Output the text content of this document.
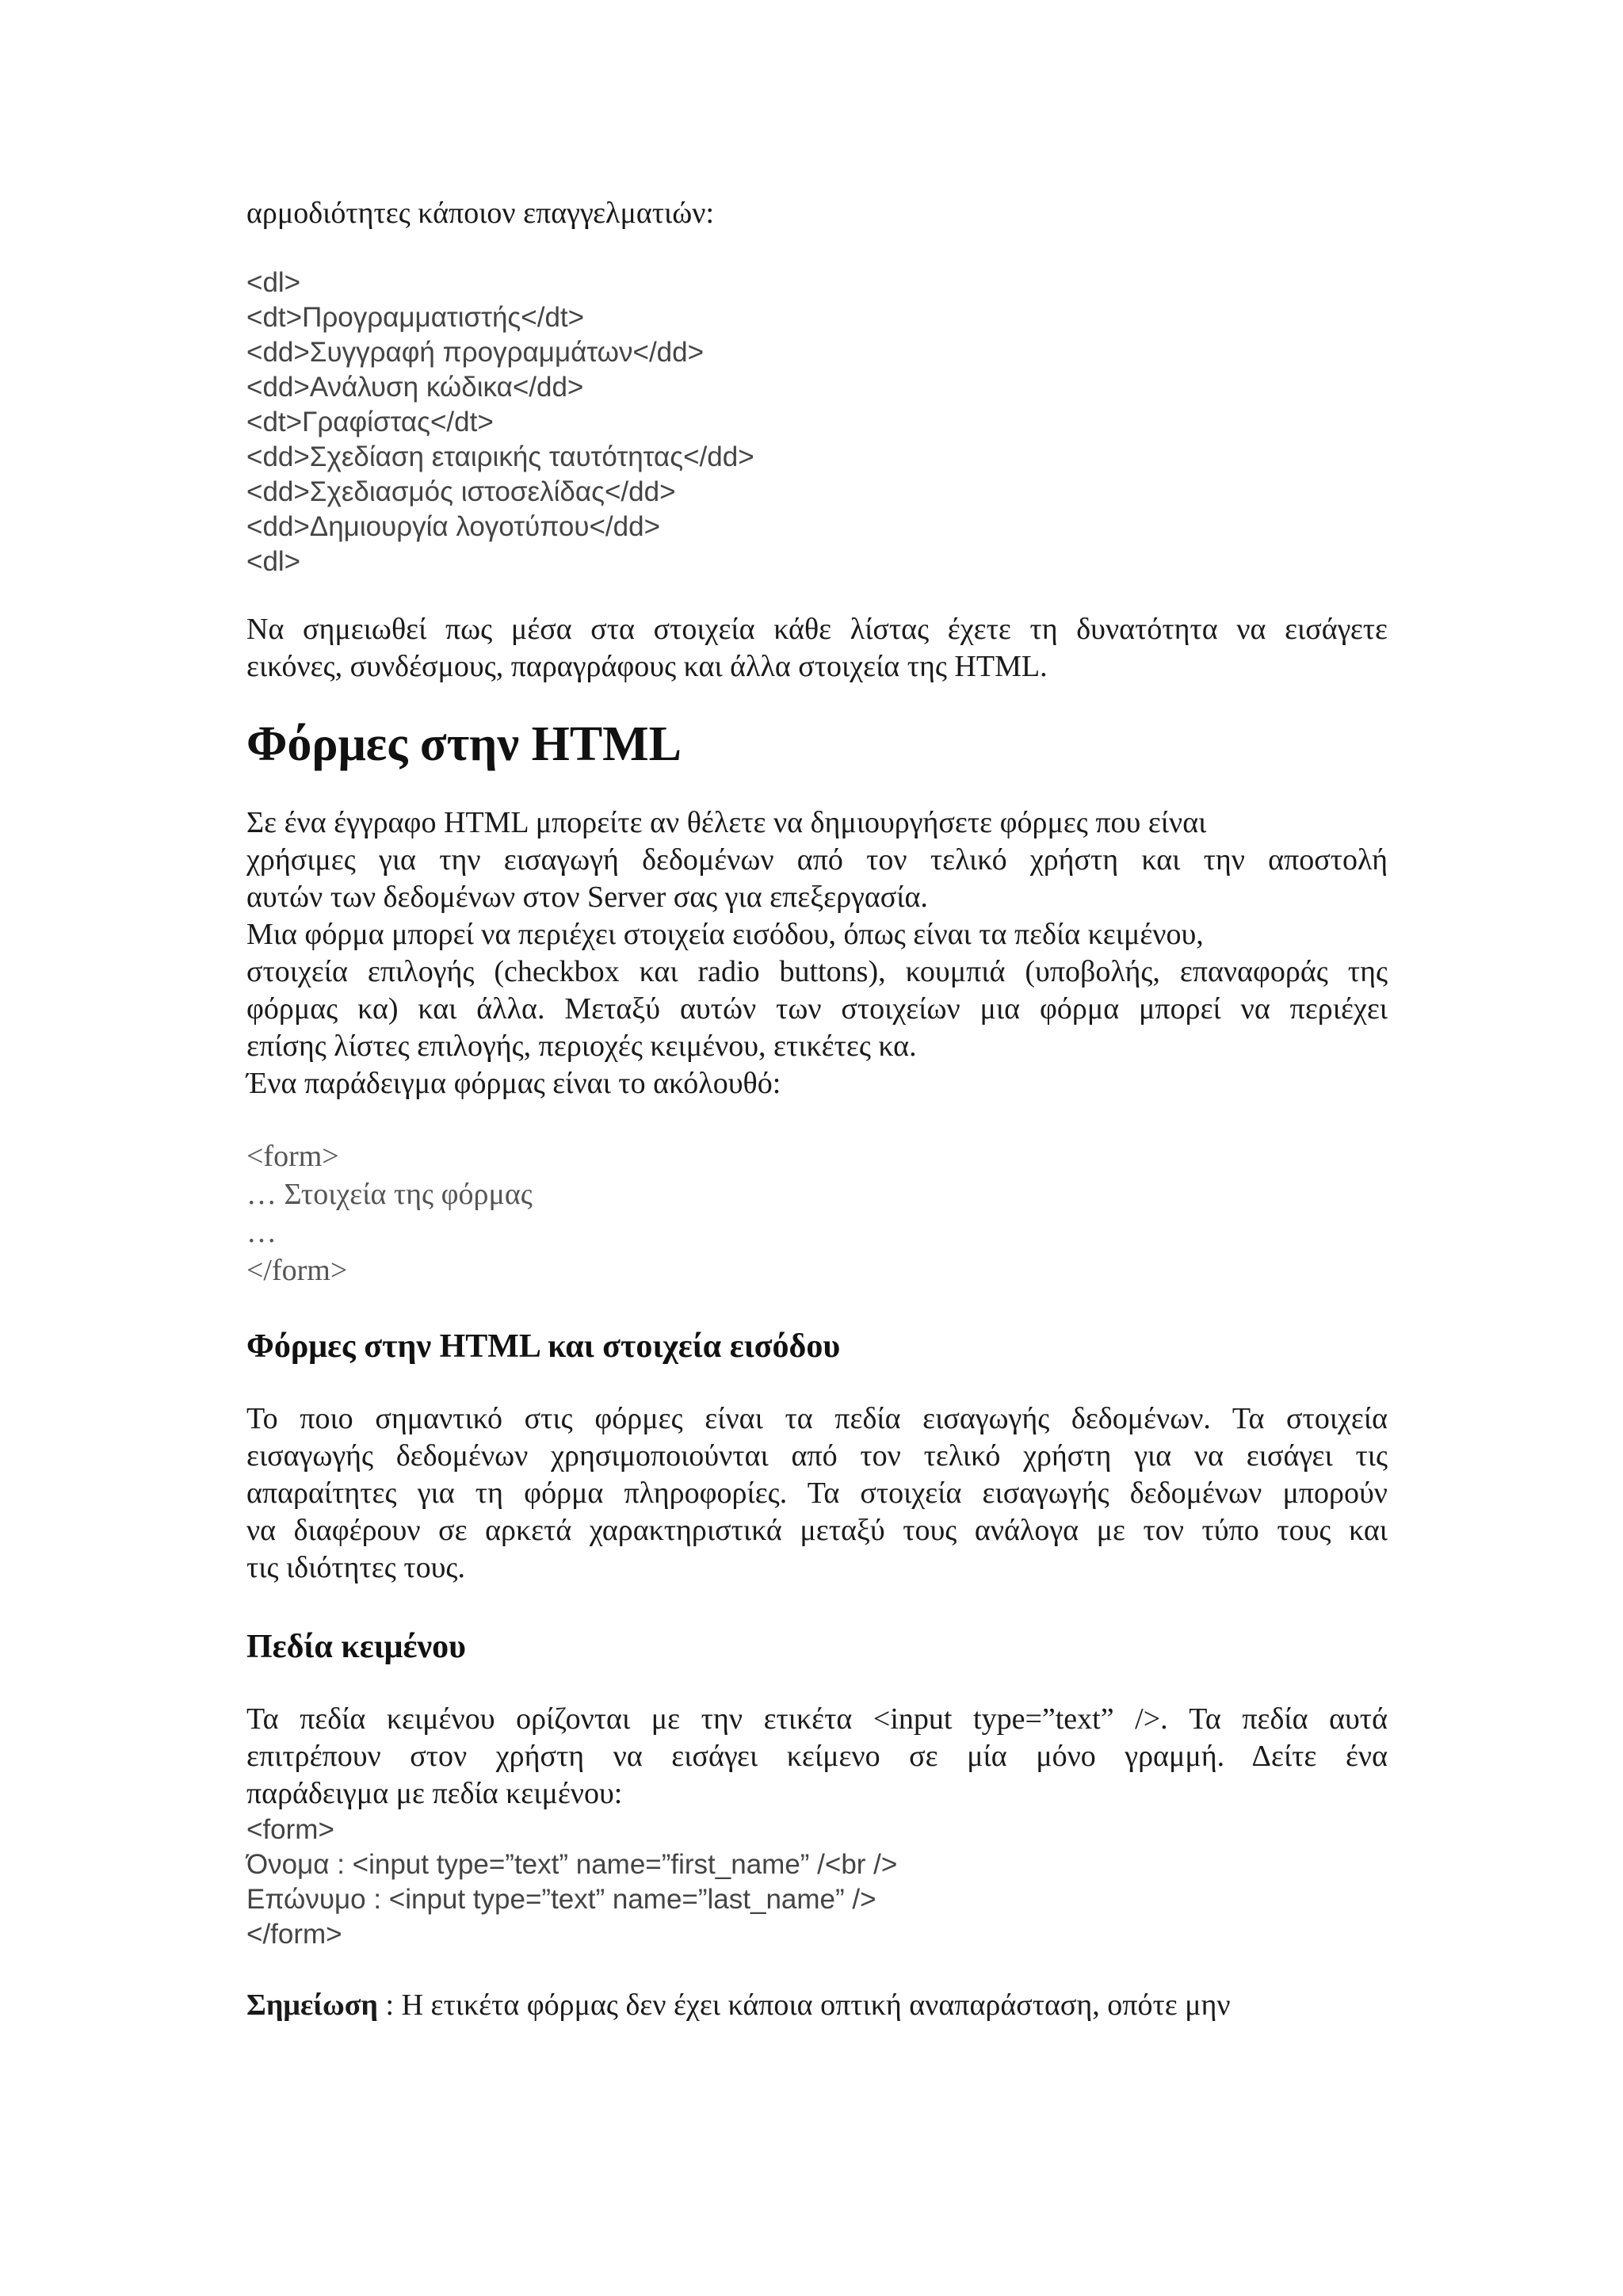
αρμοδιότητες κάποιον επαγγελματιών:
<dl>
<dt>Προγραμματιστής</dt>
<dd>Συγγραφή προγραμμάτων</dd>
<dd>Ανάλυση κώδικα</dd>
<dt>Γραφίστας</dt>
<dd>Σχεδίαση εταιρικής ταυτότητας</dd>
<dd>Σχεδιασμός ιστοσελίδας</dd>
<dd>Δημιουργία λογοτύπου</dd>
<dl>
Να σημειωθεί πως μέσα στα στοιχεία κάθε λίστας έχετε τη δυνατότητα να εισάγετε
εικόνες, συνδέσμους, παραγράφους και άλλα στοιχεία της HTML.
Φόρμες στην HTML
Σε ένα έγγραφο HTML μπορείτε αν θέλετε να δημιουργήσετε φόρμες που είναι
χρήσιμες για την εισαγωγή δεδομένων από τον τελικό χρήστη και την αποστολή
αυτών των δεδομένων στον Server σας για επεξεργασία.
Μια φόρμα μπορεί να περιέχει στοιχεία εισόδου, όπως είναι τα πεδία κειμένου,
στοιχεία επιλογής (checkbox και radio buttons), κουμπιά (υποβολής, επαναφοράς της
φόρμας κα) και άλλα. Μεταξύ αυτών των στοιχείων μια φόρμα μπορεί να περιέχει
επίσης λίστες επιλογής, περιοχές κειμένου, ετικέτες κα.
Ένα παράδειγμα φόρμας είναι το ακόλουθό:
<form>
… Στοιχεία της φόρμας
…
</form>
Φόρμες στην HTML και στοιχεία εισόδου
Το ποιο σημαντικό στις φόρμες είναι τα πεδία εισαγωγής δεδομένων. Τα στοιχεία
εισαγωγής δεδομένων χρησιμοποιούνται από τον τελικό χρήστη για να εισάγει τις
απαραίτητες για τη φόρμα πληροφορίες. Τα στοιχεία εισαγωγής δεδομένων μπορούν
να διαφέρουν σε αρκετά χαρακτηριστικά μεταξύ τους ανάλογα με τον τύπο τους και
τις ιδιότητες τους.
Πεδία κειμένου
Τα πεδία κειμένου ορίζονται με την ετικέτα <input type=”text” />. Τα πεδία αυτά
επιτρέπουν στον χρήστη να εισάγει κείμενο σε μία μόνο γραμμή. Δείτε ένα
παράδειγμα με πεδία κειμένου:
<form>
Όνομα : <input type=”text” name=”first_name” /<br />
Επώνυμο : <input type=”text” name=”last_name” />
</form>
Σημείωση : Η ετικέτα φόρμας δεν έχει κάποια οπτική αναπαράσταση, οπότε μην
